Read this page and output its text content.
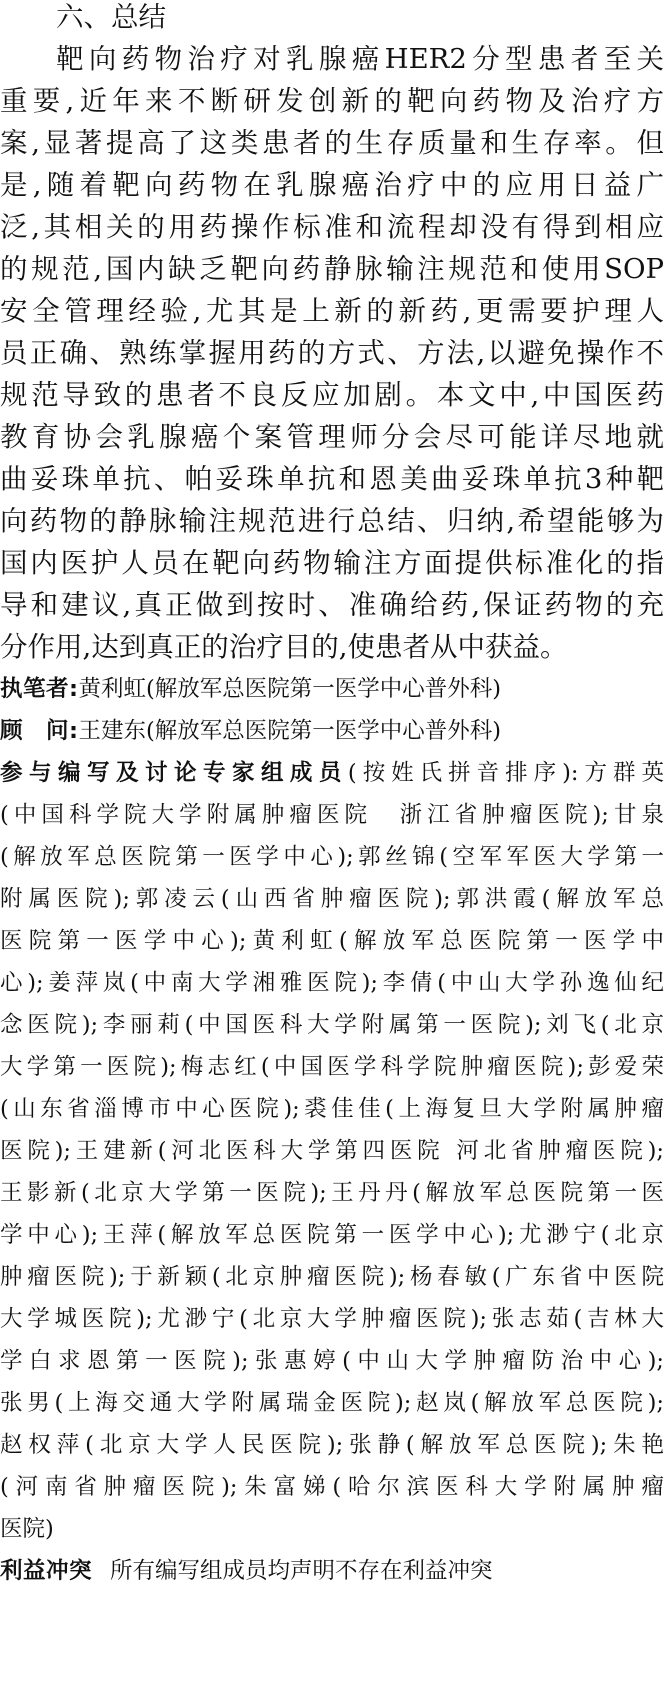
六、总结
靶向药物治疗对乳腺癌HER2分型患者至关
重要,近年来不断研发创新的靶向药物及治疗方
案,显著提高了这类患者的生存质量和生存率。但
是,随着靶向药物在乳腺癌治疗中的应用日益广
泛,其相关的用药操作标准和流程却没有得到相应
的规范,国内缺乏靶向药静脉输注规范和使用SOP
安全管理经验,尤其是上新的新药,更需要护理人
员正确、熟练掌握用药的方式、方法,以避免操作不
规范导致的患者不良反应加剧。本文中,中国医药
教育协会乳腺癌个案管理师分会尽可能详尽地就
曲妥珠单抗、帕妥珠单抗和恩美曲妥珠单抗3种靶
向药物的静脉输注规范进行总结、归纳,希望能够为
国内医护人员在靶向药物输注方面提供标准化的指
导和建议,真正做到按时、准确给药,保证药物的充
分作用,达到真正的治疗目的,使患者从中获益。
执笔者:黄利虹(解放军总医院第一医学中心普外科)
顾　问:王建东(解放军总医院第一医学中心普外科)
参与编写及讨论专家组成员(按姓氏拼音排序):方群英
(中国科学院大学附属肿瘤医院　浙江省肿瘤医院);甘泉
(解放军总医院第一医学中心);郭丝锦(空军军医大学第一
附属医院);郭凌云(山西省肿瘤医院);郭洪霞(解放军总
医院第一医学中心);黄利虹(解放军总医院第一医学中
心);姜萍岚(中南大学湘雅医院);李倩(中山大学孙逸仙纪
念医院);李丽莉(中国医科大学附属第一医院);刘飞(北京
大学第一医院);梅志红(中国医学科学院肿瘤医院);彭爱荣
(山东省淄博市中心医院);裘佳佳(上海复旦大学附属肿瘤
医院);王建新(河北医科大学第四医院 河北省肿瘤医院);
王影新(北京大学第一医院);王丹丹(解放军总医院第一医
学中心);王萍(解放军总医院第一医学中心);尤渺宁(北京
肿瘤医院);于新颖(北京肿瘤医院);杨春敏(广东省中医院
大学城医院);尤渺宁(北京大学肿瘤医院);张志茹(吉林大
学白求恩第一医院);张惠婷(中山大学肿瘤防治中心);
张男(上海交通大学附属瑞金医院);赵岚(解放军总医院);
赵权萍(北京大学人民医院);张静(解放军总医院);朱艳
(河南省肿瘤医院);朱富娣(哈尔滨医科大学附属肿瘤
医院)
利益冲突 所有编写组成员均声明不存在利益冲突
